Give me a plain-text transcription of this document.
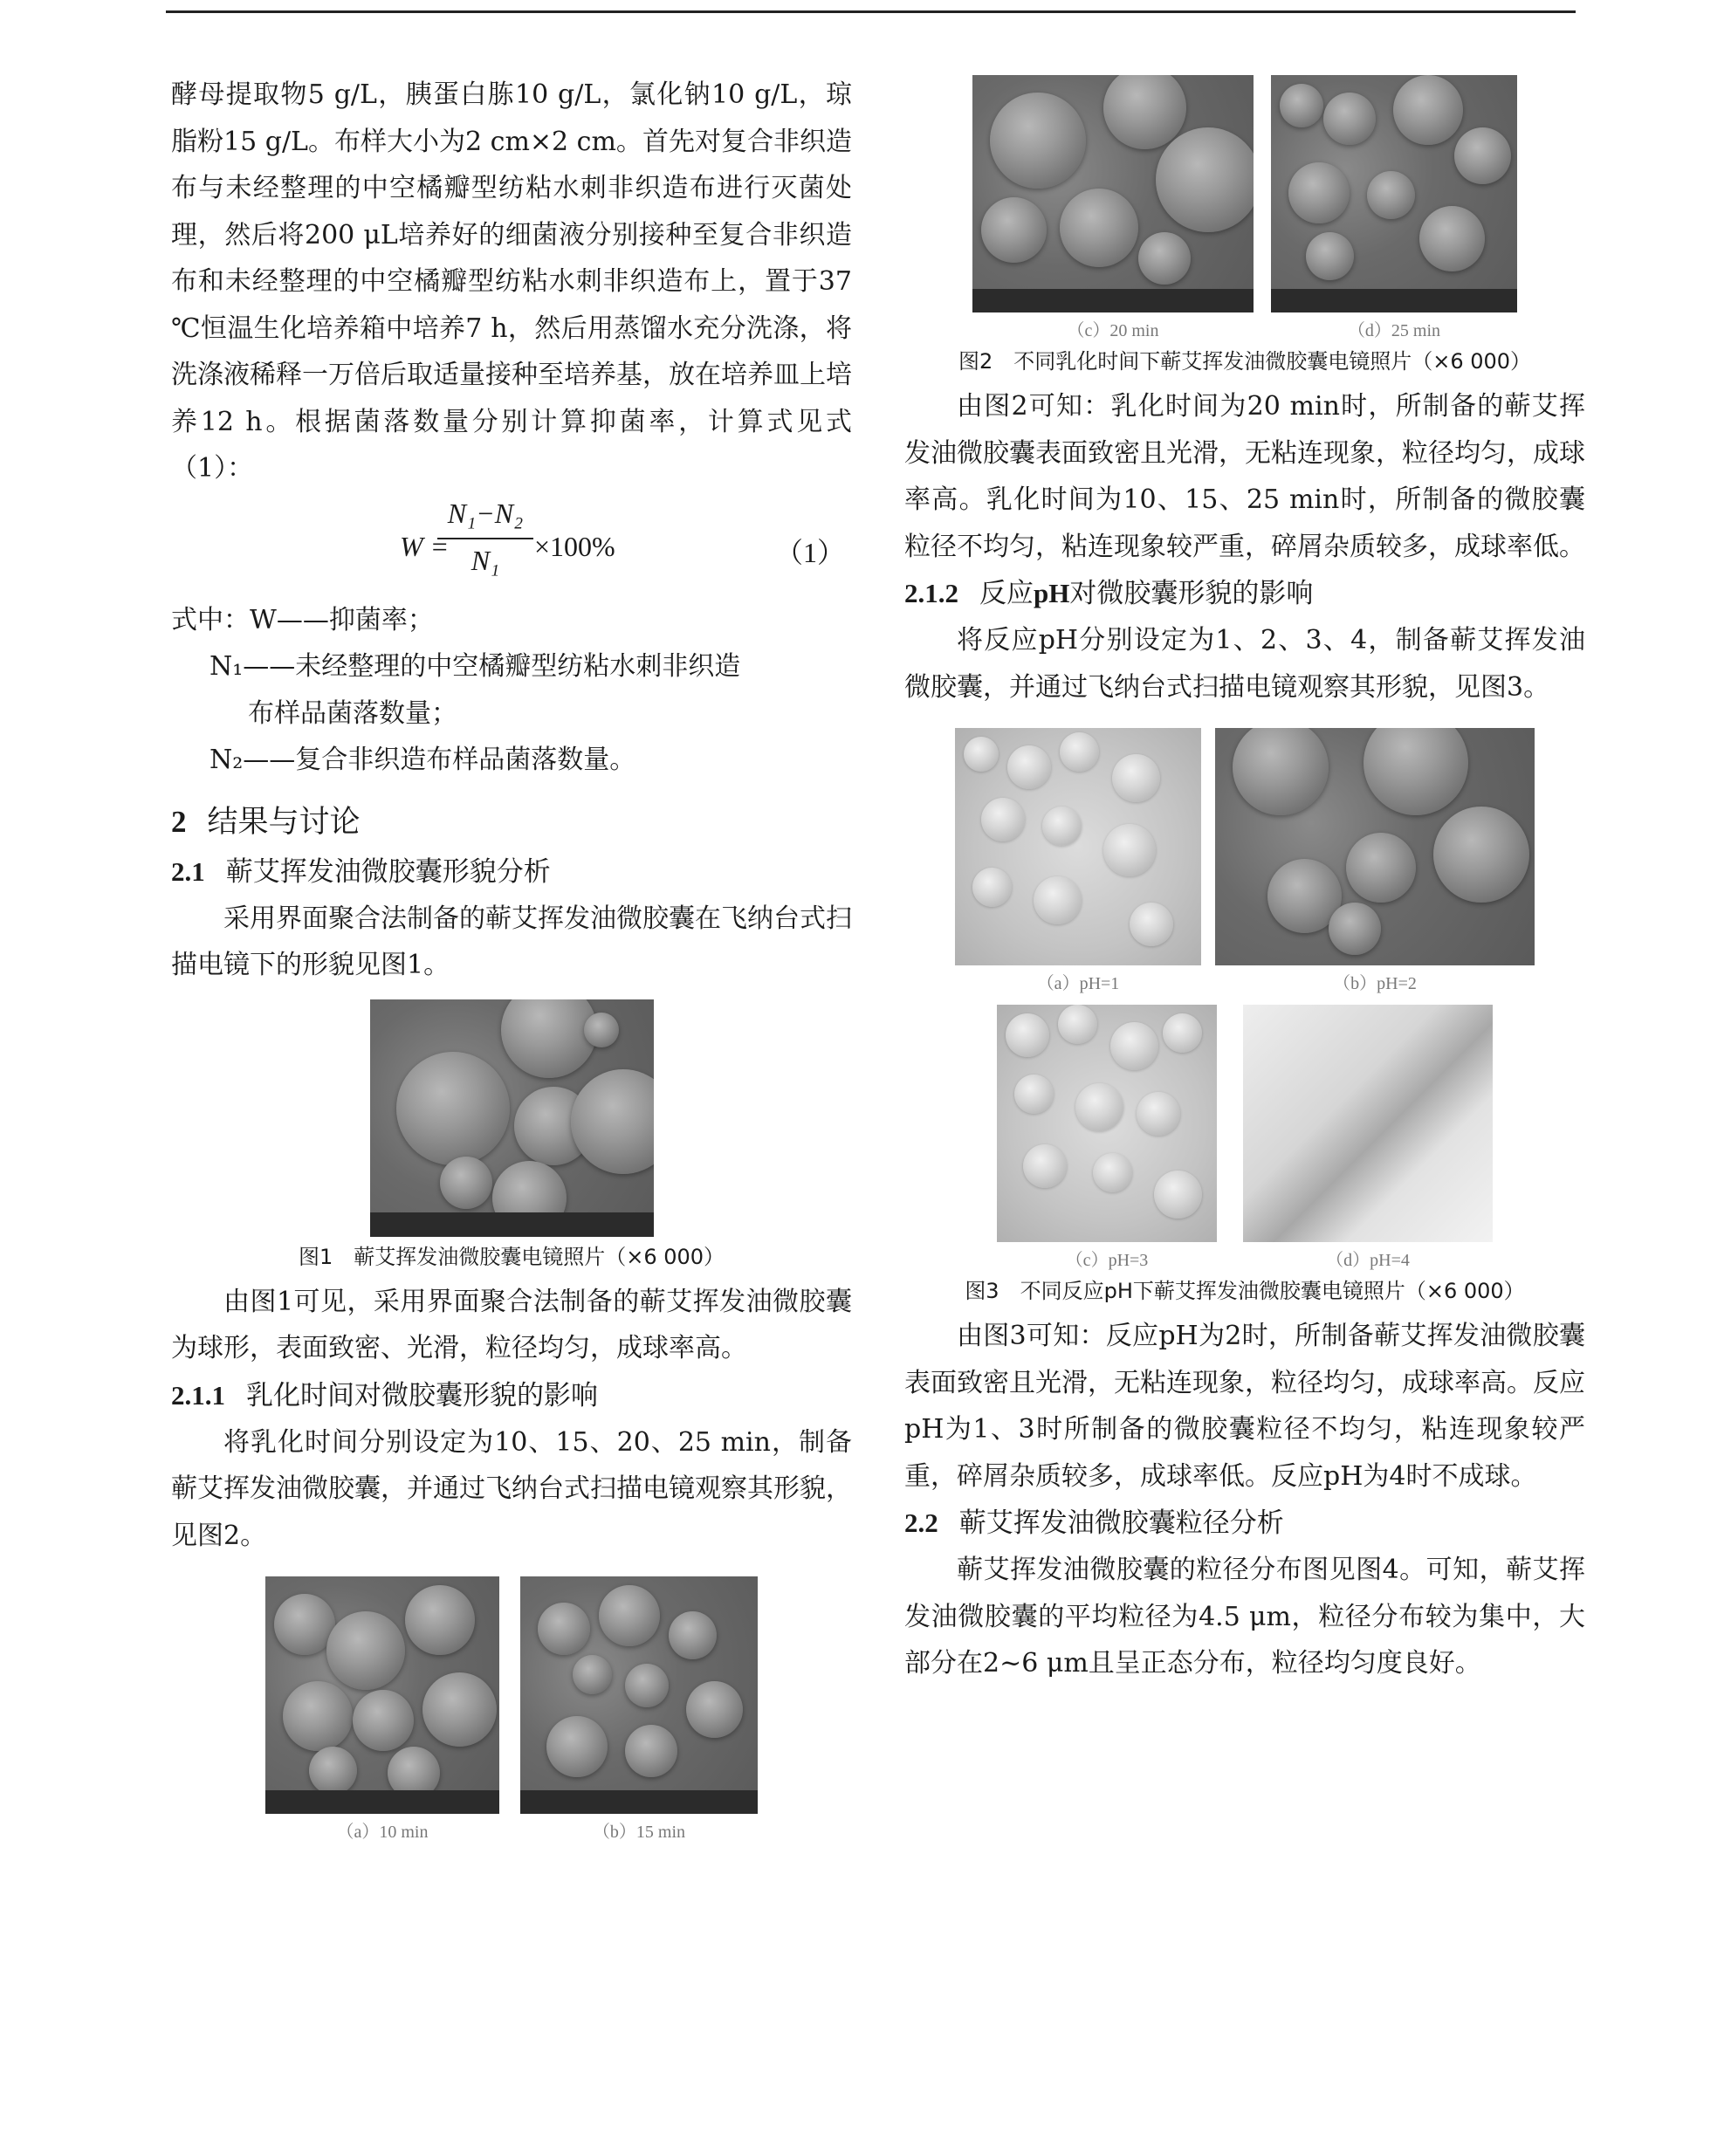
酵母提取物5 g/L，胰蛋白胨10 g/L，氯化钠10 g/L，琼脂粉15 g/L。布样大小为2 cm×2 cm。首先对复合非织造布与未经整理的中空橘瓣型纺粘水刺非织造布进行灭菌处理，然后将200 μL培养好的细菌液分别接种至复合非织造布和未经整理的中空橘瓣型纺粘水刺非织造布上，置于37 ℃恒温生化培养箱中培养7 h，然后用蒸馏水充分洗涤，将洗涤液稀释一万倍后取适量接种至培养基，放在培养皿上培养12 h。根据菌落数量分别计算抑菌率，计算式见式（1）：

W =
N₁−N₂
N₁	×100%	（1）

式中：W——抑菌率；

N₁——未经整理的中空橘瓣型纺粘水刺非织造

布样品菌落数量；

N₂——复合非织造布样品菌落数量。

2 结果与讨论
2.1 蕲艾挥发油微胶囊形貌分析

采用界面聚合法制备的蕲艾挥发油微胶囊在飞纳台式扫描电镜下的形貌见图1。

图1　蕲艾挥发油微胶囊电镜照片（×6 000）

由图1可见，采用界面聚合法制备的蕲艾挥发油微胶囊为球形，表面致密、光滑，粒径均匀，成球率高。

2.1.1 乳化时间对微胶囊形貌的影响

将乳化时间分别设定为10、15、20、25 min，制备蕲艾挥发油微胶囊，并通过飞纳台式扫描电镜观察其形貌，见图2。

（a）10 min	（b）15 min
（c）20 min	（d）25 min
图2　不同乳化时间下蕲艾挥发油微胶囊电镜照片（×6 000）

由图2可知：乳化时间为20 min时，所制备的蕲艾挥发油微胶囊表面致密且光滑，无粘连现象，粒径均匀，成球率高。乳化时间为10、15、25 min时，所制备的微胶囊粒径不均匀，粘连现象较严重，碎屑杂质较多，成球率低。

2.1.2 反应pH对微胶囊形貌的影响

将反应pH分别设定为1、2、3、4，制备蕲艾挥发油微胶囊，并通过飞纳台式扫描电镜观察其形貌，见图3。

（a）pH=1	（b）pH=2
（c）pH=3	（d）pH=4
图3　不同反应pH下蕲艾挥发油微胶囊电镜照片（×6 000）

由图3可知：反应pH为2时，所制备蕲艾挥发油微胶囊表面致密且光滑，无粘连现象，粒径均匀，成球率高。反应pH为1、3时所制备的微胶囊粒径不均匀，粘连现象较严重，碎屑杂质较多，成球率低。反应pH为4时不成球。

2.2 蕲艾挥发油微胶囊粒径分析

蕲艾挥发油微胶囊的粒径分布图见图4。可知，蕲艾挥发油微胶囊的平均粒径为4.5 μm，粒径分布较为集中，大部分在2~6 μm且呈正态分布，粒径均匀度良好。
